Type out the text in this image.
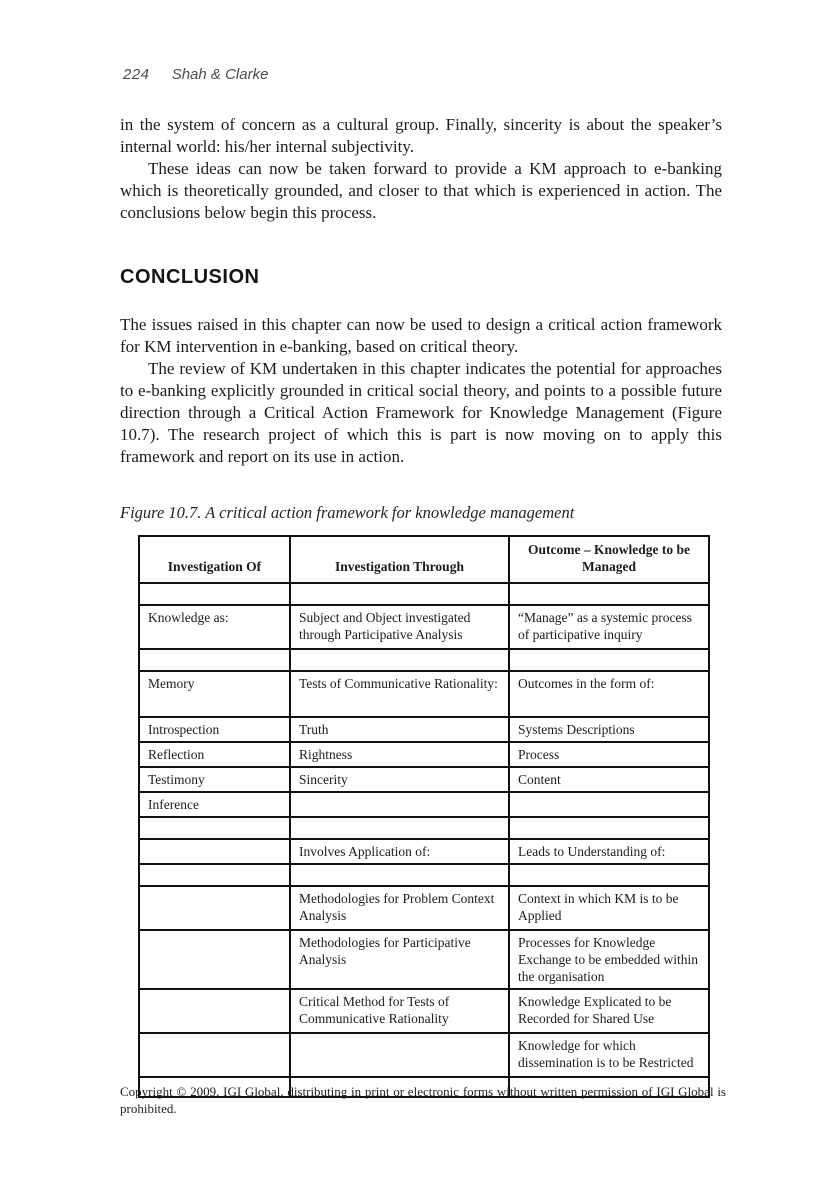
224 Shah & Clarke

in the system of concern as a cultural group. Finally, sincerity is about the speaker’s internal world: his/her internal subjectivity.

These ideas can now be taken forward to provide a KM approach to e-banking which is theoretically grounded, and closer to that which is experienced in action. The conclusions below begin this process.

CONCLUSION

The issues raised in this chapter can now be used to design a critical action framework for KM intervention in e-banking, based on critical theory.

The review of KM undertaken in this chapter indicates the potential for approaches to e-banking explicitly grounded in critical social theory, and points to a possible future direction through a Critical Action Framework for Knowledge Management (Figure 10.7). The research project of which this is part is now moving on to apply this framework and report on its use in action.

Figure 10.7. A critical action framework for knowledge management

Investigation Of	Investigation Through	Outcome – Knowledge to be Managed

Knowledge as:	Subject and Object investigated through Participative Analysis	“Manage” as a systemic process of participative inquiry

Memory	Tests of Communicative Rationality:	Outcomes in the form of:
Introspection	Truth	Systems Descriptions
Reflection	Rightness	Process
Testimony	Sincerity	Content
Inference		

	Involves Application of:	Leads to Understanding of:

	Methodologies for Problem Context Analysis	Context in which KM is to be Applied
	Methodologies for Participative Analysis	Processes for Knowledge Exchange to be embedded within the organisation
	Critical Method for Tests of Communicative Rationality	Knowledge Explicated to be Recorded for Shared Use
		Knowledge for which dissemination is to be Restricted

Copyright © 2009, IGI Global, distributing in print or electronic forms without written permission of IGI Global is prohibited.
